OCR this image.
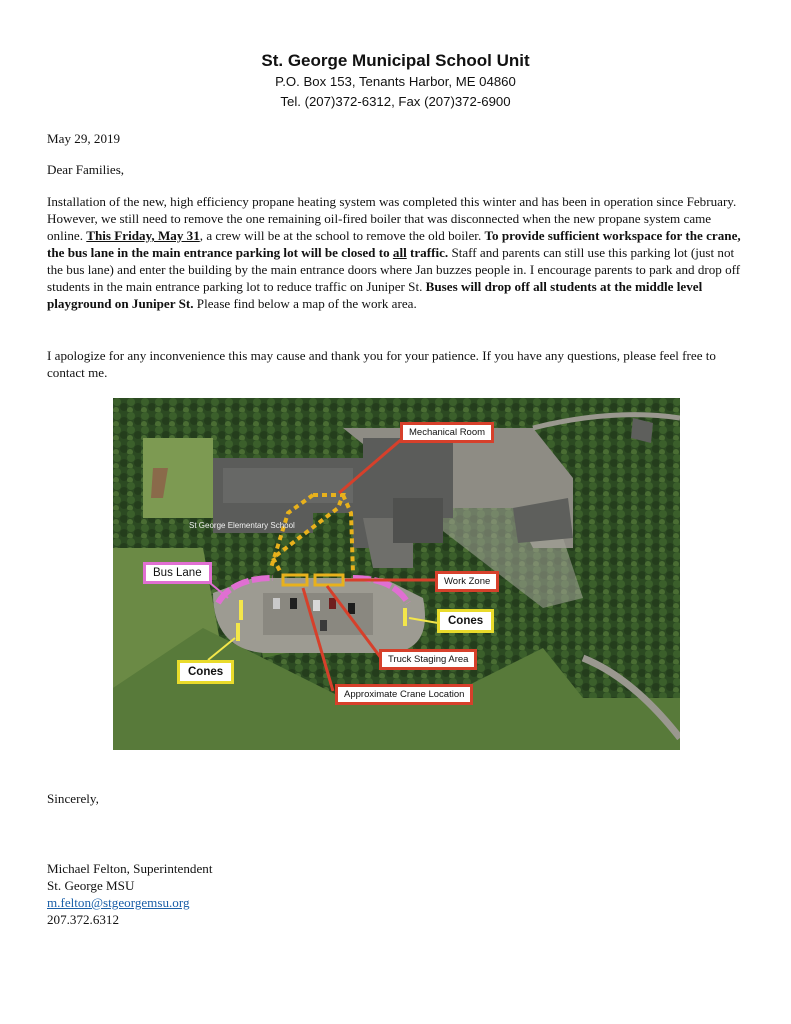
St. George Municipal School Unit
P.O. Box 153, Tenants Harbor, ME 04860
Tel. (207)372-6312, Fax (207)372-6900
May 29, 2019
Dear Families,
Installation of the new, high efficiency propane heating system was completed this winter and has been in operation since February. However, we still need to remove the one remaining oil-fired boiler that was disconnected when the new propane system came online. This Friday, May 31, a crew will be at the school to remove the old boiler. To provide sufficient workspace for the crane, the bus lane in the main entrance parking lot will be closed to all traffic. Staff and parents can still use this parking lot (just not the bus lane) and enter the building by the main entrance doors where Jan buzzes people in. I encourage parents to park and drop off students in the main entrance parking lot to reduce traffic on Juniper St. Buses will drop off all students at the middle level playground on Juniper St. Please find below a map of the work area.
I apologize for any inconvenience this may cause and thank you for your patience. If you have any questions, please feel free to contact me.
St George Elementary School
Mechanical Room
Bus Lane
Work Zone
Cones
Cones
Truck Staging Area
Approximate Crane Location
Sincerely,
Michael Felton, Superintendent
St. George MSU
m.felton@stgeorgemsu.org
207.372.6312
